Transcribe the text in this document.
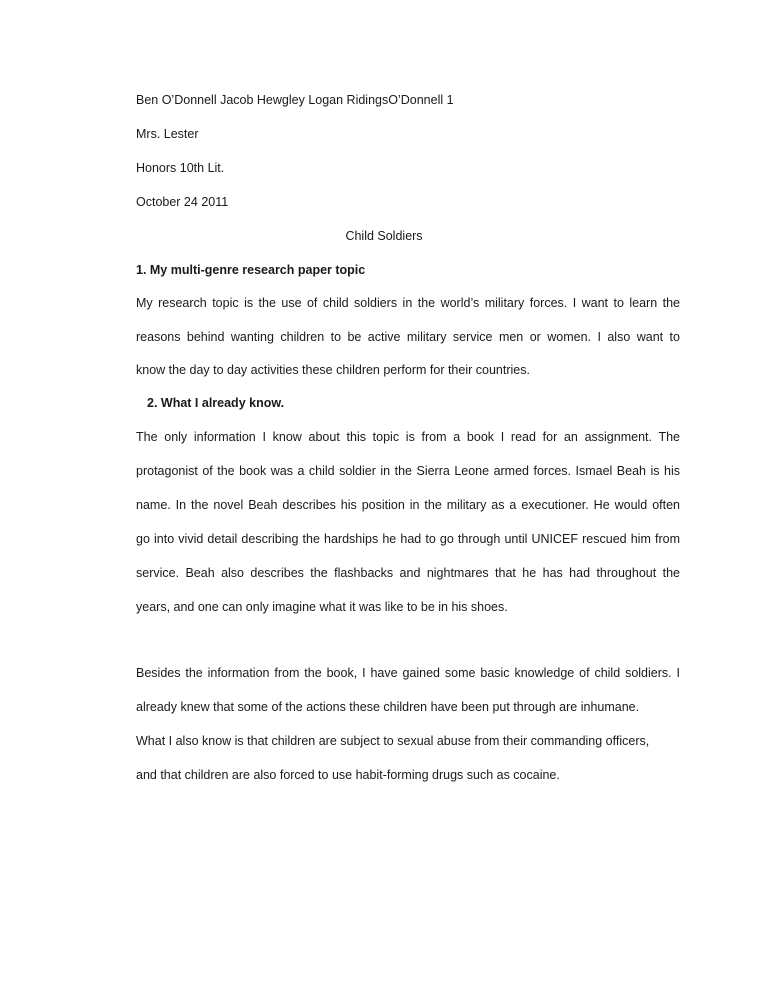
Ben O’Donnell Jacob Hewgley Logan RidingsO’Donnell 1
Mrs. Lester
Honors 10th Lit.
October 24 2011
Child Soldiers
1. My multi-genre research paper topic
My research topic is the use of child soldiers in the world’s military forces. I want to learn the
reasons behind wanting children to be active military service men or women. I also want to
know the day to day activities these children perform for their countries.
2. What I already know.
The only information I know about this topic is from a book I read for an assignment. The
protagonist of the book was a child soldier in the Sierra Leone armed forces. Ismael Beah is his
name. In the novel Beah describes his position in the military as a executioner. He would often
go into vivid detail describing the hardships he had to go through until UNICEF rescued him from
service. Beah also describes the flashbacks and nightmares that he has had throughout the
years, and one can only imagine what it was like to be in his shoes.
Besides the information from the book, I have gained some basic knowledge of child soldiers. I
already knew that some of the actions these children have been put through are inhumane.
What I also know is that children are subject to sexual abuse from their commanding officers,
and that children are also forced to use habit-forming drugs such as cocaine.
